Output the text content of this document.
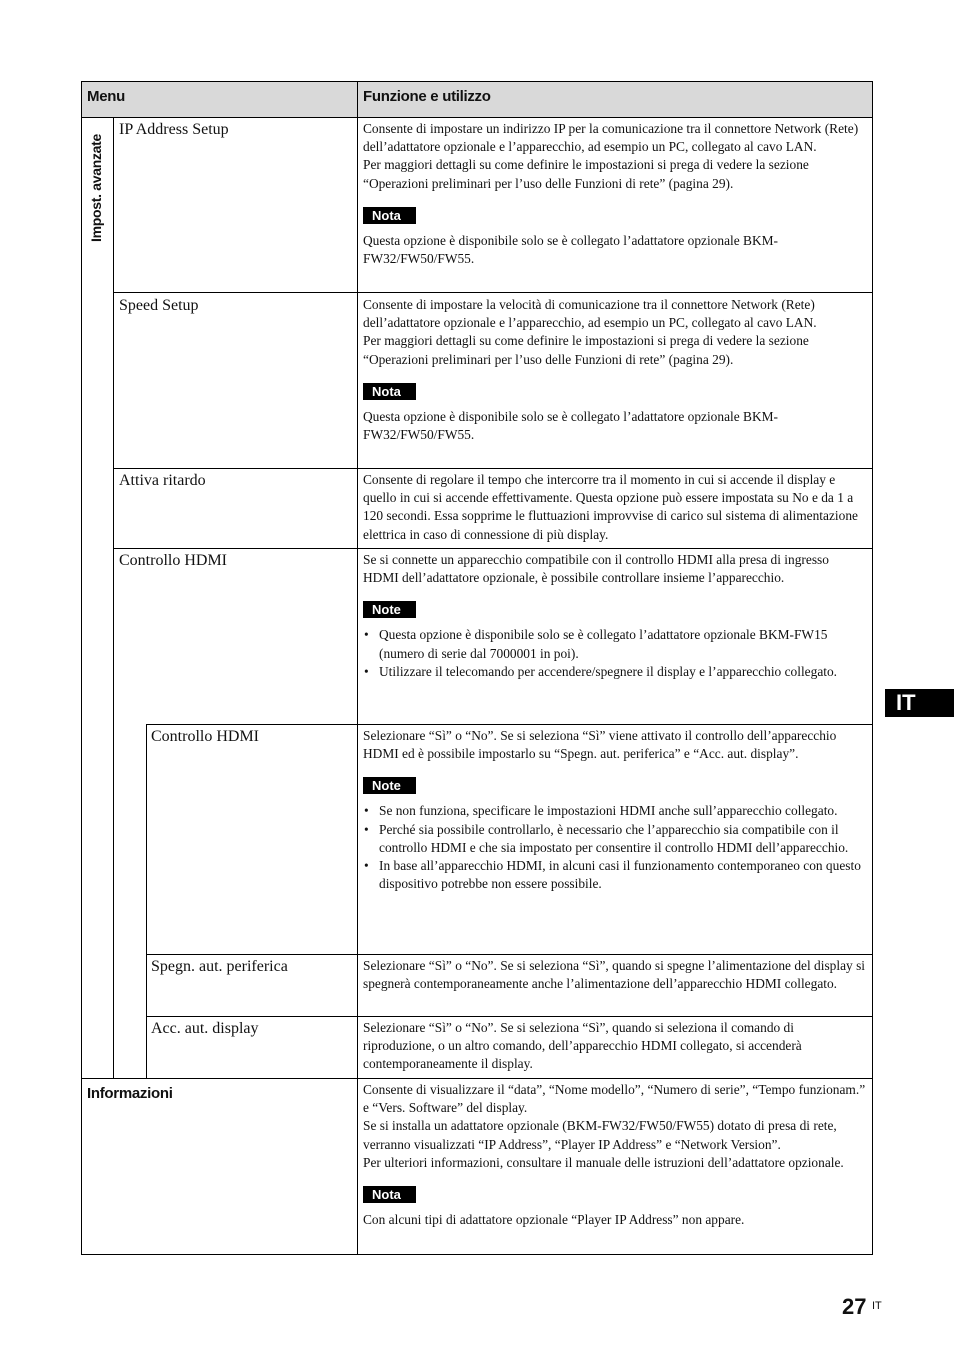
Menu	Funzione e utilizzo
Impost. avanzate
IP Address Setup	Consente di impostare un indirizzo IP per la comunicazione tra il connettore Network (Rete) dell’adattatore opzionale e l’apparecchio, ad esempio un PC, collegato al cavo LAN.

Per maggiori dettagli su come definire le impostazioni si prega di vedere la sezione “Operazioni preliminari per l’uso delle Funzioni di rete” (pagina 29).

Nota

Questa opzione è disponibile solo se è collegato l’adattatore opzionale BKM-FW32/FW50/FW55.

Speed Setup	Consente di impostare la velocità di comunicazione tra il connettore Network (Rete) dell’adattatore opzionale e l’apparecchio, ad esempio un PC, collegato al cavo LAN.

Per maggiori dettagli su come definire le impostazioni si prega di vedere la sezione “Operazioni preliminari per l’uso delle Funzioni di rete” (pagina 29).

Nota

Questa opzione è disponibile solo se è collegato l’adattatore opzionale BKM-FW32/FW50/FW55.

Attiva ritardo	Consente di regolare il tempo che intercorre tra il momento in cui si accende il display e quello in cui si accende effettivamente. Questa opzione può essere impostata su No e da 1 a 120 secondi. Essa sopprime le fluttuazioni improvvise di carico sul sistema di alimentazione elettrica in caso di connessione di più display.

Controllo HDMI	Se si connette un apparecchio compatibile con il controllo HDMI alla presa di ingresso HDMI dell’adattatore opzionale, è possibile controllare insieme l’apparecchio.

Note
• Questa opzione è disponibile solo se è collegato l’adattatore opzionale BKM-FW15 (numero di serie dal 7000001 in poi).
• Utilizzare il telecomando per accendere/spegnere il display e l’apparecchio collegato.
Controllo HDMI	Selezionare “Sì” o “No”. Se si seleziona “Sì” viene attivato il controllo dell’apparecchio HDMI ed è possibile impostarlo su “Spegn. aut. periferica” e “Acc. aut. display”.

Note
• Se non funziona, specificare le impostazioni HDMI anche sull’apparecchio collegato.
• Perché sia possibile controllarlo, è necessario che l’apparecchio sia compatibile con il controllo HDMI e che sia impostato per consentire il controllo HDMI dell’apparecchio.
• In base all’apparecchio HDMI, in alcuni casi il funzionamento contemporaneo con questo dispositivo potrebbe non essere possibile.
Spegn. aut. periferica	Selezionare “Sì” o “No”. Se si seleziona “Sì”, quando si spegne l’alimentazione del display si spegnerà contemporaneamente anche l’alimentazione dell’apparecchio HDMI collegato.

Acc. aut. display	Selezionare “Sì” o “No”. Se si seleziona “Sì”, quando si seleziona il comando di riproduzione, o un altro comando, dell’apparecchio HDMI collegato, si accenderà contemporaneamente il display.

Informazioni	Consente di visualizzare il “data”, “Nome modello”, “Numero di serie”, “Tempo funzionam.” e “Vers. Software” del display.

Se si installa un adattatore opzionale (BKM-FW32/FW50/FW55) dotato di presa di rete, verranno visualizzati “IP Address”, “Player IP Address” e “Network Version”.

Per ulteriori informazioni, consultare il manuale delle istruzioni dell’adattatore opzionale.

Nota

Con alcuni tipi di adattatore opzionale “Player IP Address” non appare.

IT
27 IT
